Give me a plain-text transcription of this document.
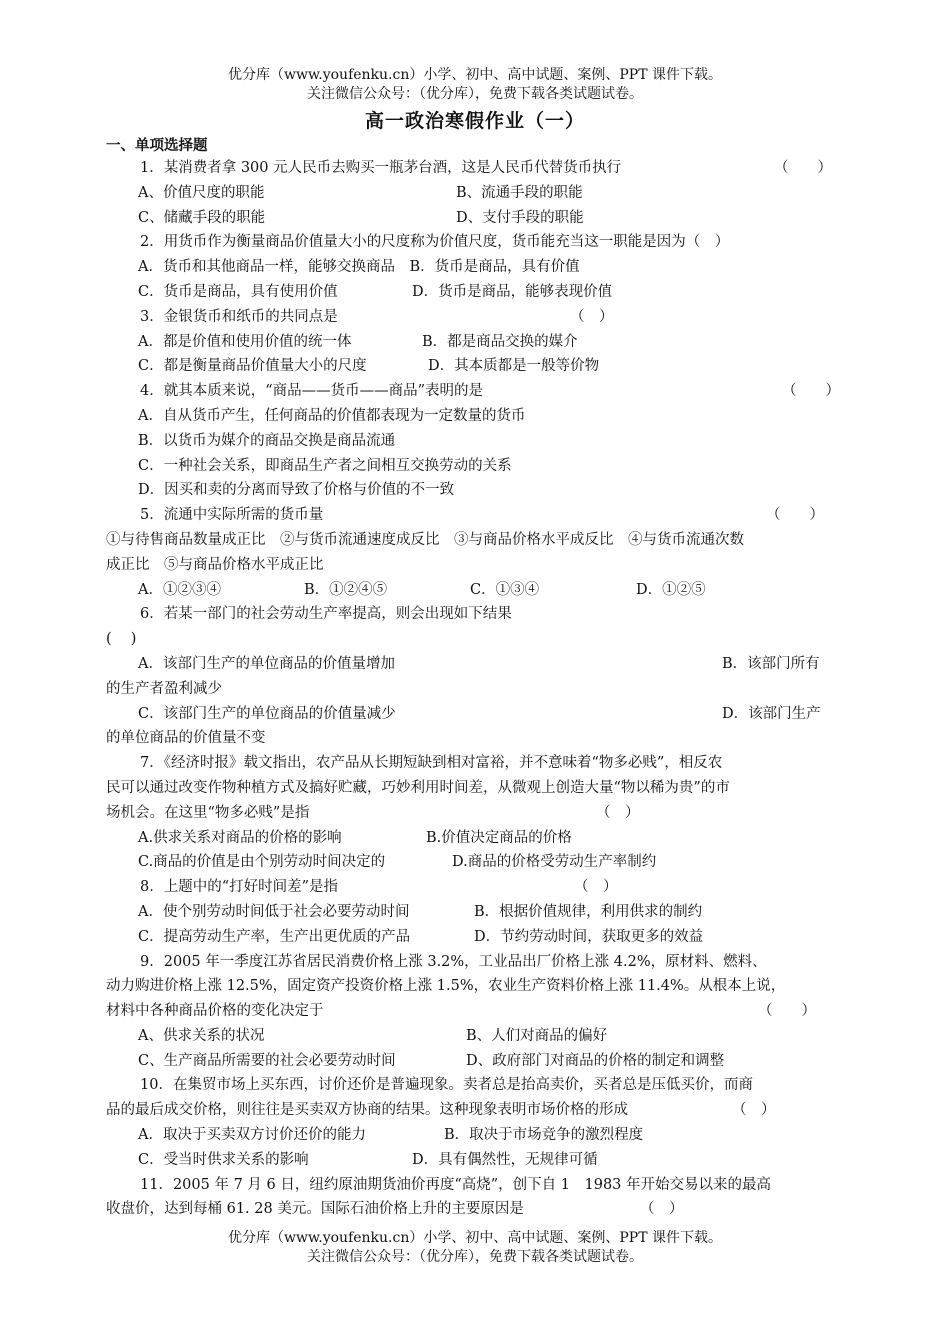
优分库（www.youfenku.cn）小学、初中、高中试题、案例、PPT 课件下载。
关注微信公众号：（优分库），免费下载各类试题试卷。
高一政治寒假作业（一）
一、单项选择题
1．某消费者拿 300 元人民币去购买一瓶茅台酒，这是人民币代替货币执行	（　　）
A、价值尺度的职能	B、流通手段的职能
C、储藏手段的职能	D、支付手段的职能
2．用货币作为衡量商品价值量大小的尺度称为价值尺度，货币能充当这一职能是因为（　）
A．货币和其他商品一样，能够交换商品　B．货币是商品，具有价值
C．货币是商品，具有使用价值	D．货币是商品，能够表现价值
3．金银货币和纸币的共同点是	（　）
A．都是价值和使用价值的统一体	B．都是商品交换的媒介
C．都是衡量商品价值量大小的尺度	D．其本质都是一般等价物
4．就其本质来说，“商品——货币——商品”表明的是	（　　）
A．自从货币产生，任何商品的价值都表现为一定数量的货币
B．以货币为媒介的商品交换是商品流通
C．一种社会关系，即商品生产者之间相互交换劳动的关系
D．因买和卖的分离而导致了价格与价值的不一致
5．流通中实际所需的货币量	（　　）
①与待售商品数量成正比　②与货币流通速度成反比　③与商品价格水平成反比　④与货币流通次数
成正比　⑤与商品价格水平成正比
A．①②③④	B．①②④⑤	C．①③④	D．①②⑤
6．若某一部门的社会劳动生产率提高，则会出现如下结果
(　 )
A．该部门生产的单位商品的价值量增加	B．该部门所有
的生产者盈利减少
C．该部门生产的单位商品的价值量减少	D．该部门生产
的单位商品的价值量不变
7．《经济时报》载文指出，农产品从长期短缺到相对富裕，并不意味着“物多必贱”，相反农
民可以通过改变作物种植方式及搞好贮藏，巧妙利用时间差，从微观上创造大量“物以稀为贵”的市
场机会。在这里“物多必贱”是指	（　）
A.供求关系对商品的价格的影响	B.价值决定商品的价格
C.商品的价值是由个别劳动时间决定的	D.商品的价格受劳动生产率制约
8．上题中的“打好时间差”是指	（　）
A．使个别劳动时间低于社会必要劳动时间	B．根据价值规律，利用供求的制约
C．提高劳动生产率，生产出更优质的产品	D．节约劳动时间，获取更多的效益
9．2005 年一季度江苏省居民消费价格上涨 3.2%，工业品出厂价格上涨 4.2%，原材料、燃料、
动力购进价格上涨 12.5%，固定资产投资价格上涨 1.5%，农业生产资料价格上涨 11.4%。从根本上说，
材料中各种商品价格的变化决定于	（　　）
A、供求关系的状况	B、人们对商品的偏好
C、生产商品所需要的社会必要劳动时间	D、政府部门对商品的价格的制定和调整
10．在集贸市场上买东西，讨价还价是普遍现象。卖者总是抬高卖价，买者总是压低买价，而商
品的最后成交价格，则往往是买卖双方协商的结果。这种现象表明市场价格的形成	（　）
A．取决于买卖双方讨价还价的能力	B．取决于市场竞争的激烈程度
C．受当时供求关系的影响	D．具有偶然性，无规律可循
11．2005 年 7 月 6 日，纽约原油期货油价再度“高烧”，创下自 1　1983 年开始交易以来的最高
收盘价，达到每桶 61. 28 美元。国际石油价格上升的主要原因是	（　）
优分库（www.youfenku.cn）小学、初中、高中试题、案例、PPT 课件下载。
关注微信公众号：（优分库），免费下载各类试题试卷。
